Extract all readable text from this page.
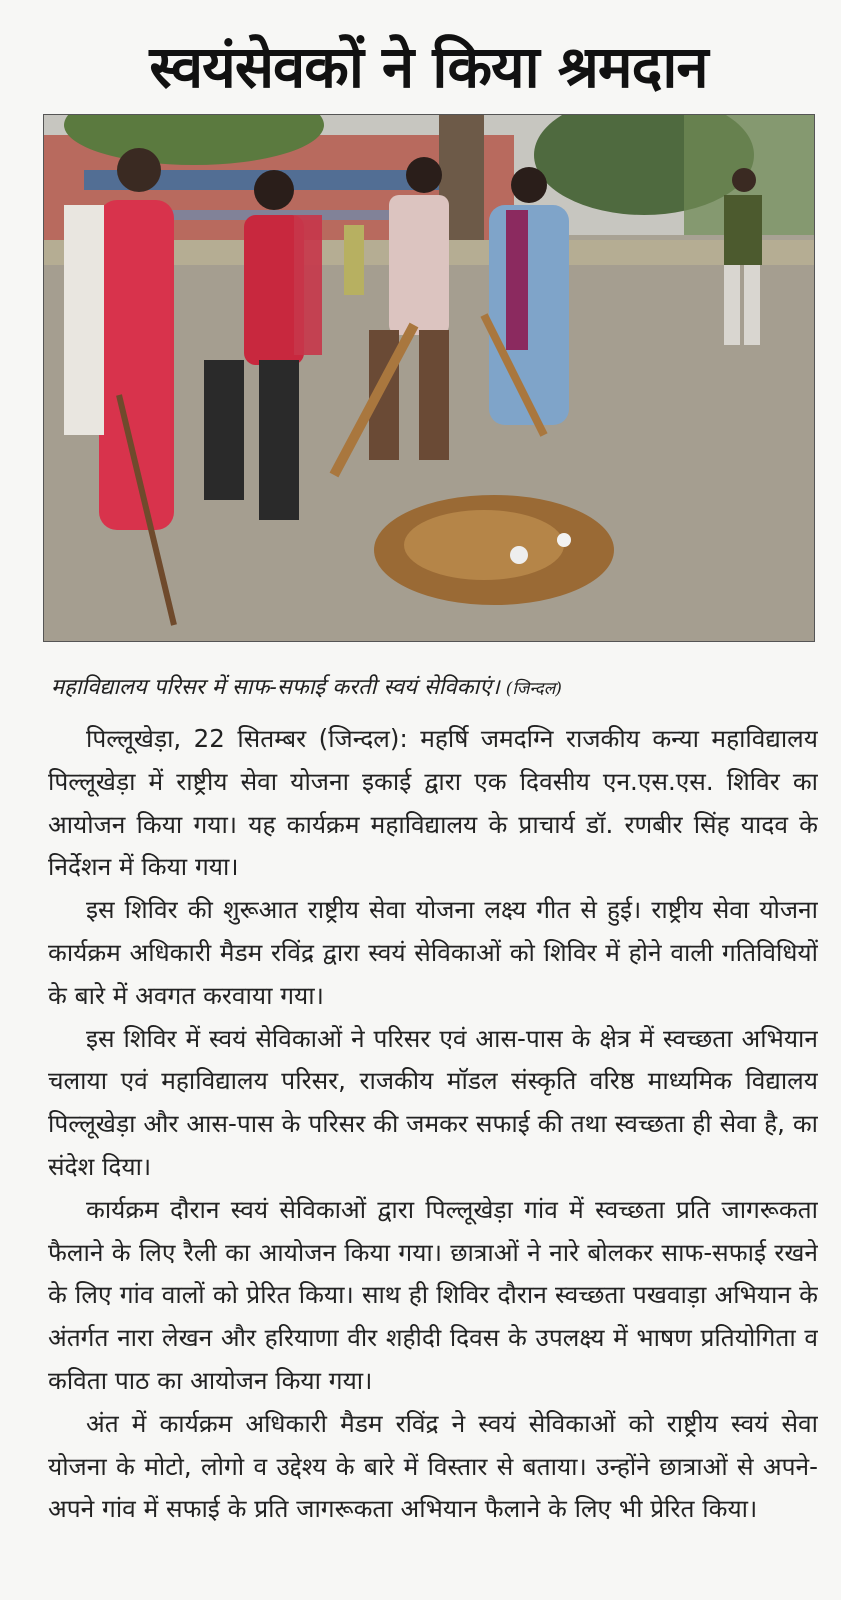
स्वयंसेवकों ने किया श्रमदान
महाविद्यालय परिसर में साफ-सफाई करती स्वयं सेविकाएं। (जिन्दल)

पिल्लूखेड़ा, 22 सितम्बर (जिन्दल): महर्षि जमदग्नि राजकीय कन्या महाविद्यालय पिल्लूखेड़ा में राष्ट्रीय सेवा योजना इकाई द्वारा एक दिवसीय एन.एस.एस. शिविर का आयोजन किया गया। यह कार्यक्रम महाविद्यालय के प्राचार्य डॉ. रणबीर सिंह यादव के निर्देशन में किया गया।

इस शिविर की शुरूआत राष्ट्रीय सेवा योजना लक्ष्य गीत से हुई। राष्ट्रीय सेवा योजना कार्यक्रम अधिकारी मैडम रविंद्र द्वारा स्वयं सेविकाओं को शिविर में होने वाली गतिविधियों के बारे में अवगत करवाया गया।

इस शिविर में स्वयं सेविकाओं ने परिसर एवं आस-पास के क्षेत्र में स्वच्छता अभियान चलाया एवं महाविद्यालय परिसर, राजकीय मॉडल संस्कृति वरिष्ठ माध्यमिक विद्यालय पिल्लूखेड़ा और आस-पास के परिसर की जमकर सफाई की तथा स्वच्छता ही सेवा है, का संदेश दिया।

कार्यक्रम दौरान स्वयं सेविकाओं द्वारा पिल्लूखेड़ा गांव में स्वच्छता प्रति जागरूकता फैलाने के लिए रैली का आयोजन किया गया। छात्राओं ने नारे बोलकर साफ-सफाई रखने के लिए गांव वालों को प्रेरित किया। साथ ही शिविर दौरान स्वच्छता पखवाड़ा अभियान के अंतर्गत नारा लेखन और हरियाणा वीर शहीदी दिवस के उपलक्ष्य में भाषण प्रतियोगिता व कविता पाठ का आयोजन किया गया।

अंत में कार्यक्रम अधिकारी मैडम रविंद्र ने स्वयं सेविकाओं को राष्ट्रीय स्वयं सेवा योजना के मोटो, लोगो व उद्देश्य के बारे में विस्तार से बताया। उन्होंने छात्राओं से अपने-अपने गांव में सफाई के प्रति जागरूकता अभियान फैलाने के लिए भी प्रेरित किया।
